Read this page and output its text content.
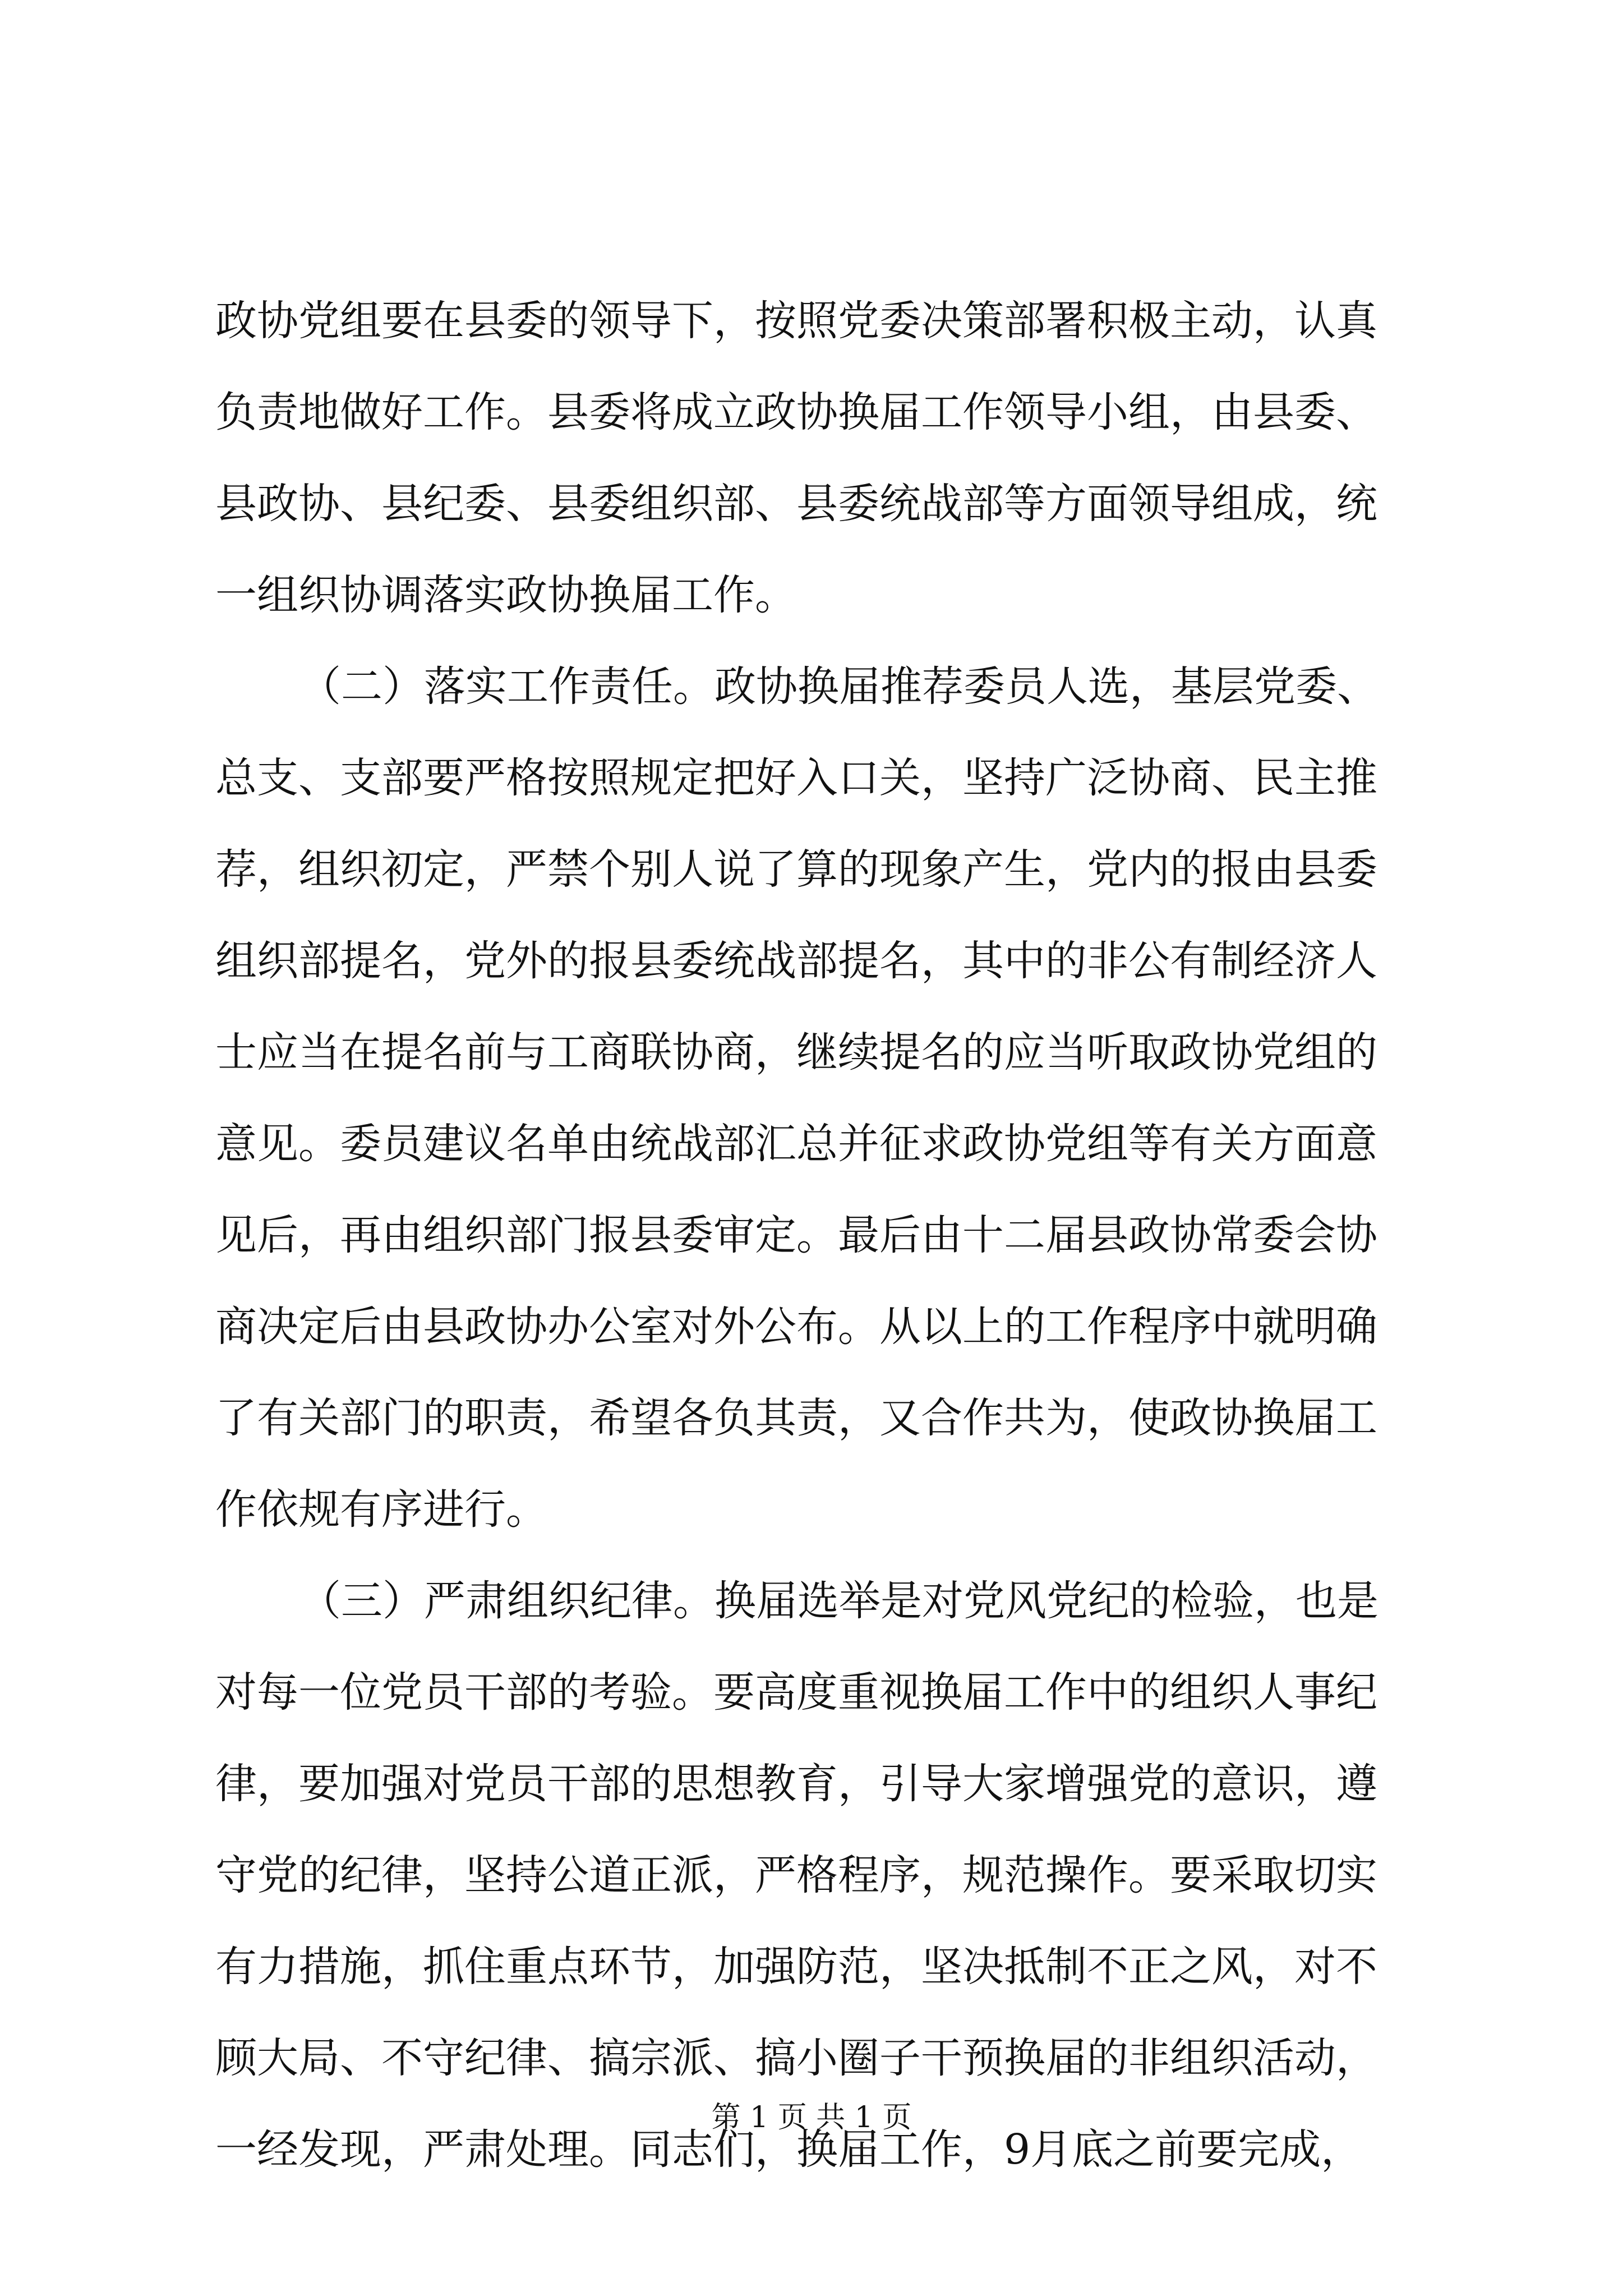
政协党组要在县委的领导下，按照党委决策部署积极主动，认真
负责地做好工作。县委将成立政协换届工作领导小组，由县委、
县政协、县纪委、县委组织部、县委统战部等方面领导组成，统
一组织协调落实政协换届工作。
（二）落实工作责任。政协换届推荐委员人选，基层党委、
总支、支部要严格按照规定把好入口关，坚持广泛协商、民主推
荐，组织初定，严禁个别人说了算的现象产生，党内的报由县委
组织部提名，党外的报县委统战部提名，其中的非公有制经济人
士应当在提名前与工商联协商，继续提名的应当听取政协党组的
意见。委员建议名单由统战部汇总并征求政协党组等有关方面意
见后，再由组织部门报县委审定。最后由十二届县政协常委会协
商决定后由县政协办公室对外公布。从以上的工作程序中就明确
了有关部门的职责，希望各负其责，又合作共为，使政协换届工
作依规有序进行。
（三）严肃组织纪律。换届选举是对党风党纪的检验，也是
对每一位党员干部的考验。要高度重视换届工作中的组织人事纪
律，要加强对党员干部的思想教育，引导大家增强党的意识，遵
守党的纪律，坚持公道正派，严格程序，规范操作。要采取切实
有力措施，抓住重点环节，加强防范，坚决抵制不正之风，对不
顾大局、不守纪律、搞宗派、搞小圈子干预换届的非组织活动，
一经发现，严肃处理。同志们，换届工作，9月底之前要完成，
第 1 页 共 1 页
